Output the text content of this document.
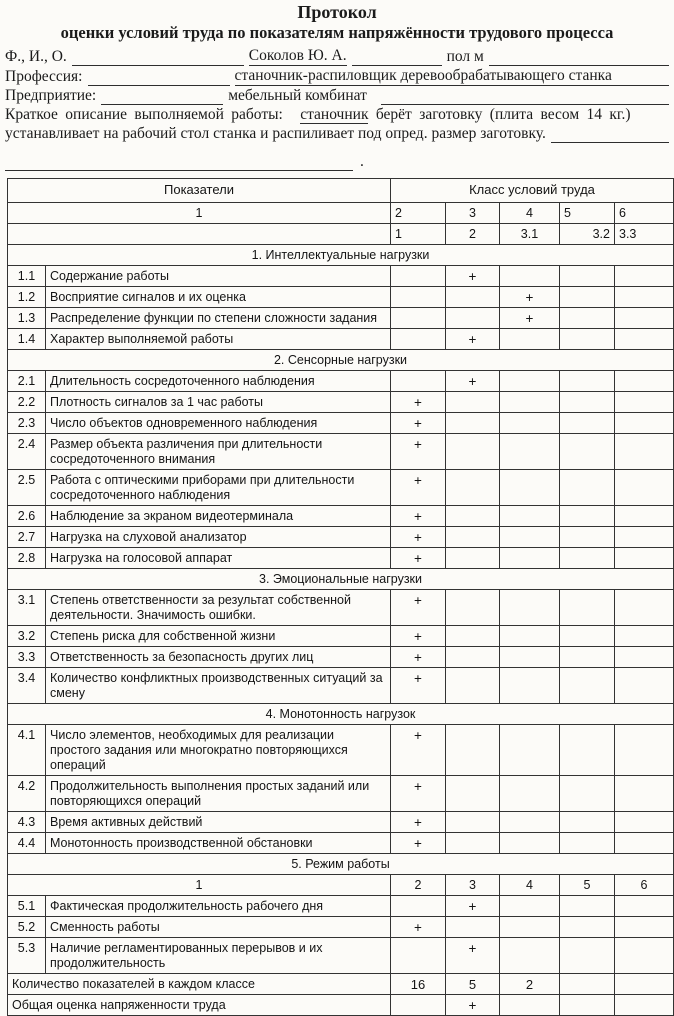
Протокол
оценки условий труда по показателям напряжённости трудового процесса
Ф., И., О.	Соколов Ю. А.	пол м
Профессия:	станочник-распиловщик деревообрабатывающего станка
Предприятие:	мебельный комбинат
Краткое описание выполняемой работы: станочник берёт заготовку (плита весом 14 кг.)
устанавливает на рабочий стол станка и распиливает под опред. размер заготовку.
.
Показатели		Класс условий труда				
1		2	3	4	5	6
		1	2	3.1	3.2	3.3
1. Интеллектуальные нагрузки						
1.1	Содержание работы		+			
1.2	Восприятие сигналов и их оценка			+		
1.3	Распределение функции по степени сложности задания			+		
1.4	Характер выполняемой работы		+			
2. Сенсорные нагрузки						
2.1	Длительность сосредоточенного наблюдения		+			
2.2	Плотность сигналов за 1 час работы	+				
2.3	Число объектов одновременного наблюдения	+				
2.4	Размер объекта различения при длительности сосредоточенного внимания	+				
2.5	Работа с оптическими приборами при длительности сосредоточенного наблюдения	+				
2.6	Наблюдение за экраном видеотерминала	+				
2.7	Нагрузка на слуховой анализатор	+				
2.8	Нагрузка на голосовой аппарат	+				
3. Эмоциональные нагрузки						
3.1	Степень ответственности за результат собственной деятельности. Значимость ошибки.	+				
3.2	Степень риска для собственной жизни	+				
3.3	Ответственность за безопасность других лиц	+				
3.4	Количество конфликтных производственных ситуаций за смену	+				
4. Монотонность нагрузок						
4.1	Число элементов, необходимых для реализации простого задания или многократно повторяющихся операций	+				
4.2	Продолжительность выполнения простых заданий или повторяющихся операций	+				
4.3	Время активных действий	+				
4.4	Монотонность производственной обстановки	+				
5. Режим работы						
1		2	3	4	5	6
5.1	Фактическая продолжительность рабочего дня		+			
5.2	Сменность работы	+				
5.3	Наличие регламентированных перерывов и их продолжительность		+			
Количество показателей в каждом классе		16	5	2		
Общая оценка напряженности труда			+			
